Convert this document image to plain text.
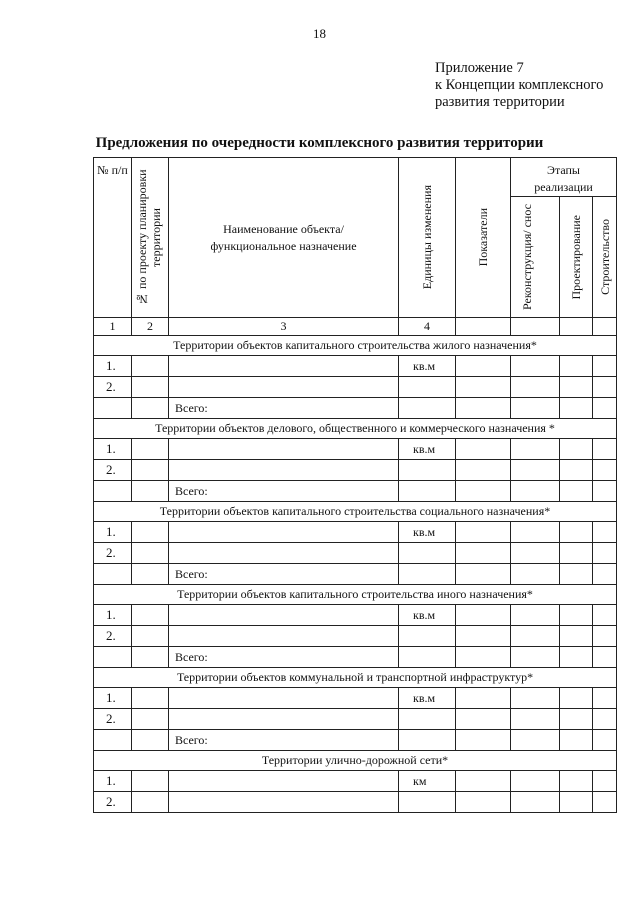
18
Приложение 7
к Концепции комплексного
развития территории
Предложения по очередности комплексного развития территории
№ п/п	№ по проекту планировки территории	Наименование объекта/функциональное назначение	Единицы изменения	Показатели	Этапы реализации		

					Реконструкция/ снос	Проектирование	Строительство

1	2	3	4				
Территории объектов капитального строительства жилого назначения*							
1.			кв.м				
2.							
		Всего:					
Территории объектов делового, общественного и коммерческого назначения *							
1.			кв.м				
2.							
		Всего:					
Территории объектов капитального строительства социального назначения*							
1.			кв.м				
2.							
		Всего:					
Территории объектов капитального строительства иного назначения*							
1.			кв.м				
2.							
		Всего:					
Территории объектов коммунальной и транспортной инфраструктур*							
1.			кв.м				
2.							
		Всего:					
Территории улично-дорожной сети*							
1.			км				
2.							
